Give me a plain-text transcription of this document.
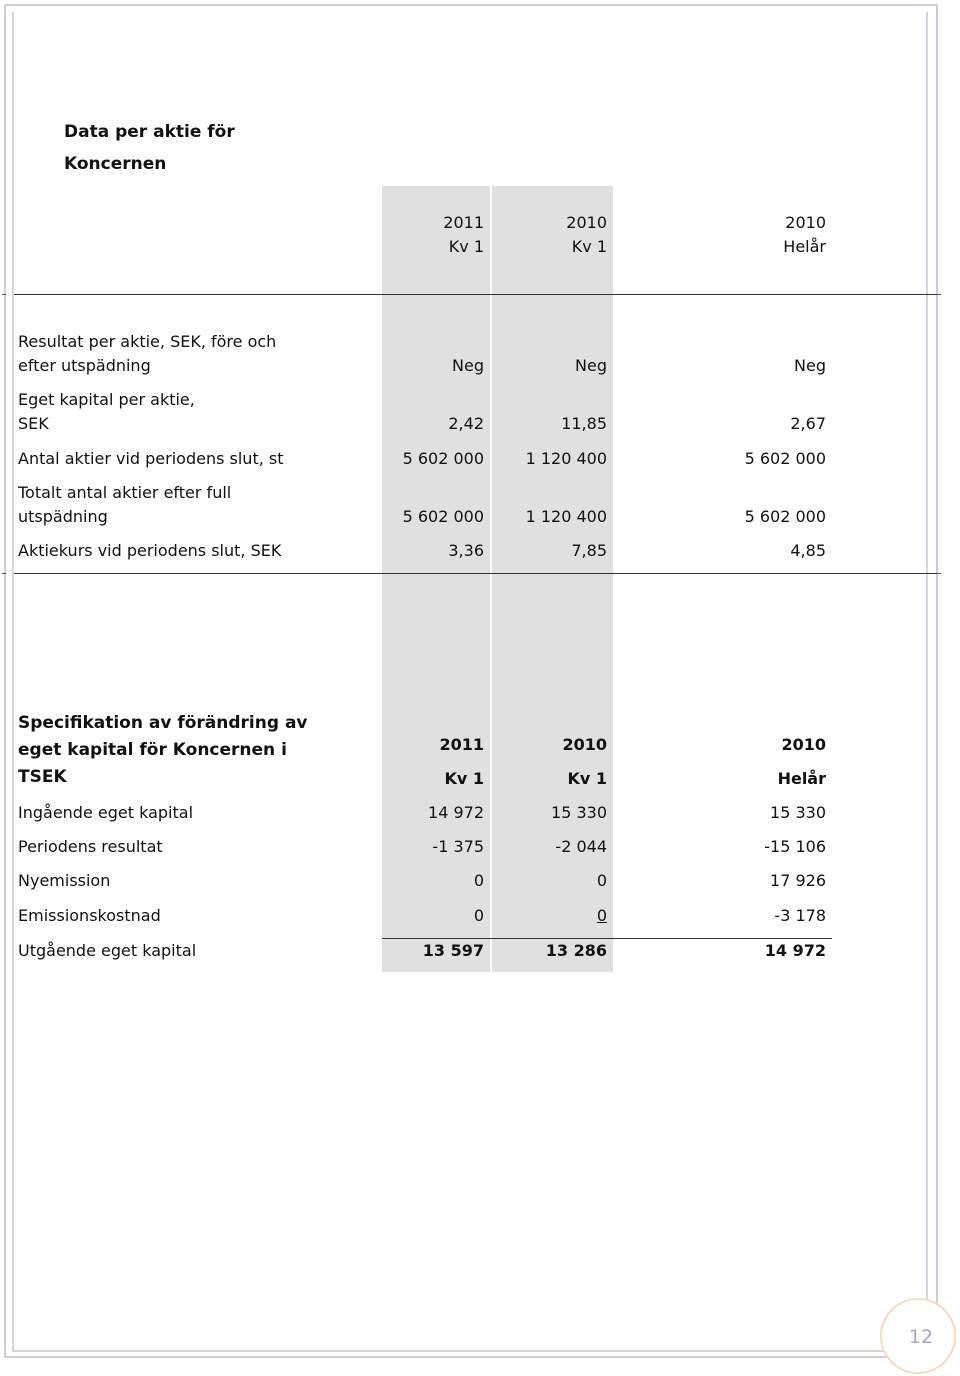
Data per aktie för
Koncernen
2011	2010	2010
Kv 1	Kv 1	Helår
Resultat per aktie, SEK, före och
efter utspädning	Neg	Neg	Neg
Eget kapital per aktie,
SEK	2,42	11,85	2,67
Antal aktier vid periodens slut, st	5 602 000	1 120 400	5 602 000
Totalt antal aktier efter full
utspädning	5 602 000	1 120 400	5 602 000
Aktiekurs vid periodens slut, SEK	3,36	7,85	4,85
Specifikation av förändring av
eget kapital för Koncernen i
TSEK
2011	2010	2010
Kv 1	Kv 1	Helår
Ingående eget kapital	14 972	15 330	15 330
Periodens resultat	-1 375	-2 044	-15 106
Nyemission	0	0	17 926
Emissionskostnad	0	0	-3 178
Utgående eget kapital	13 597	13 286	14 972
12
